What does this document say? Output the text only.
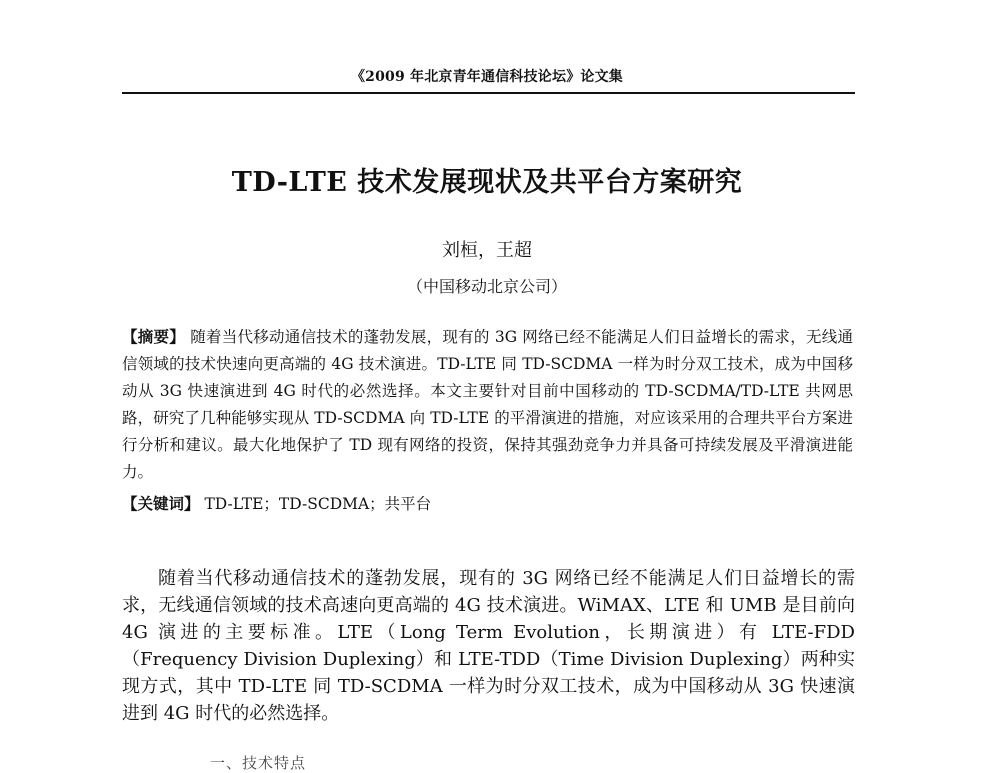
《2009 年北京青年通信科技论坛》论文集
TD-LTE 技术发展现状及共平台方案研究
刘桓，王超
（中国移动北京公司）
【摘要】 随着当代移动通信技术的蓬勃发展，现有的 3G 网络已经不能满足人们日益增长的需求，无线通信领域的技术快速向更高端的 4G 技术演进。TD-LTE 同 TD-SCDMA 一样为时分双工技术，成为中国移动从 3G 快速演进到 4G 时代的必然选择。本文主要针对目前中国移动的 TD-SCDMA/TD-LTE 共网思路，研究了几种能够实现从 TD-SCDMA 向 TD-LTE 的平滑演进的措施，对应该采用的合理共平台方案进行分析和建议。最大化地保护了 TD 现有网络的投资，保持其强劲竞争力并具备可持续发展及平滑演进能力。
【关键词】 TD-LTE；TD-SCDMA；共平台
随着当代移动通信技术的蓬勃发展，现有的 3G 网络已经不能满足人们日益增长的需求，无线通信领域的技术高速向更高端的 4G 技术演进。WiMAX、LTE 和 UMB 是目前向 4G 演进的主要标准。LTE（Long Term Evolution，长期演进）有 LTE-FDD（Frequency Division Duplexing）和 LTE-TDD（Time Division Duplexing）两种实现方式，其中 TD-LTE 同 TD-SCDMA 一样为时分双工技术，成为中国移动从 3G 快速演进到 4G 时代的必然选择。
一、技术特点
